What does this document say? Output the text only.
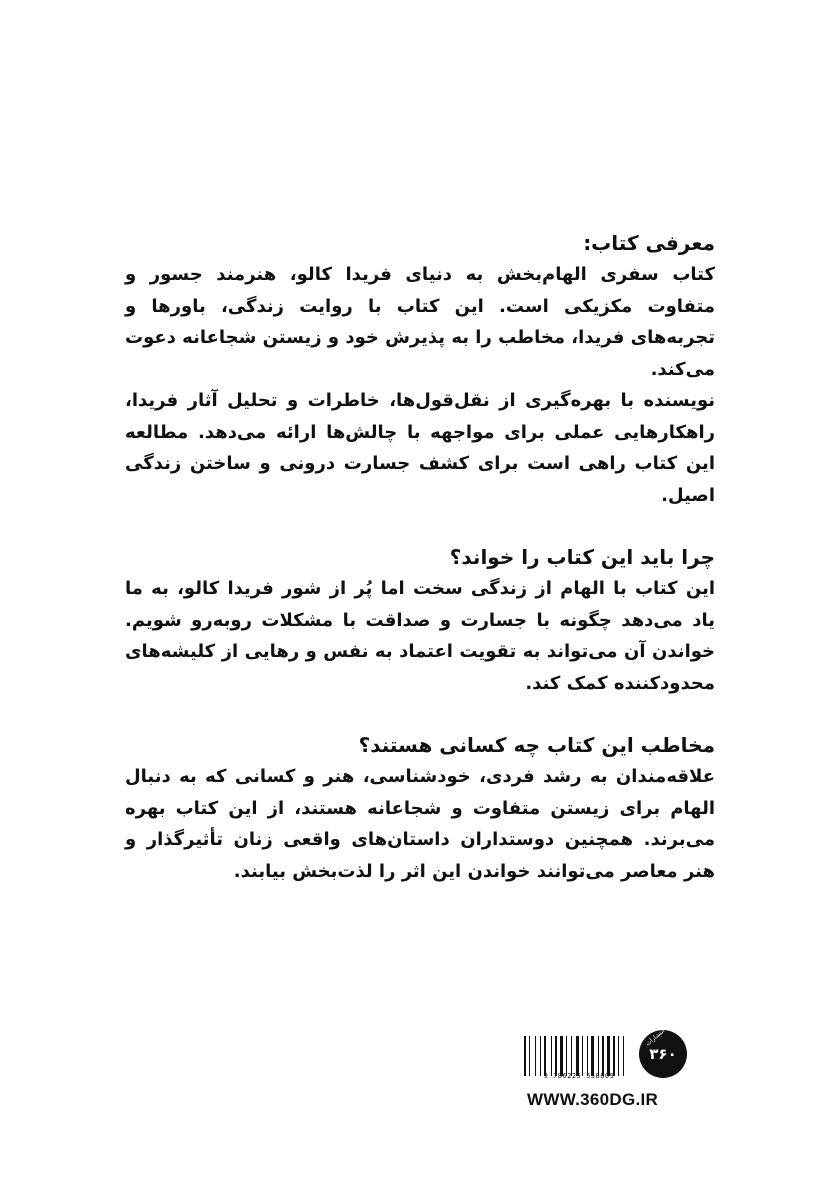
معرفی کتاب:

کتاب سفری الهام‌بخش به دنیای فریدا کالو، هنرمند جسور و متفاوت مکزیکی است. این کتاب با روایت زندگی، باورها و تجربه‌های فریدا، مخاطب را به پذیرش خود و زیستن شجاعانه دعوت می‌کند.

نویسنده با بهره‌گیری از نقل‌قول‌ها، خاطرات و تحلیل آثار فریدا، راهکارهایی عملی برای مواجهه با چالش‌ها ارائه می‌دهد. مطالعه این کتاب راهی است برای کشف جسارت درونی و ساختن زندگی اصیل.

چرا باید این کتاب را خواند؟

این کتاب با الهام از زندگی سخت اما پُر از شور فریدا کالو، به ما یاد می‌دهد چگونه با جسارت و صداقت با مشکلات روبه‌رو شویم. خواندن آن می‌تواند به تقویت اعتماد به نفس و رهایی از کلیشه‌های محدودکننده کمک کند.

مخاطب این کتاب چه کسانی هستند؟

علاقه‌مندان به رشد فردی، خودشناسی، هنر و کسانی که به دنبال الهام برای زیستن متفاوت و شجاعانه هستند، از این کتاب بهره می‌برند. همچنین دوستداران داستان‌های واقعی زنان تأثیرگذار و هنر معاصر می‌توانند خواندن این اثر را لذت‌بخش بیابند.

9 786225 558809
انتشارات
۳۶۰
WWW.360DG.IR
